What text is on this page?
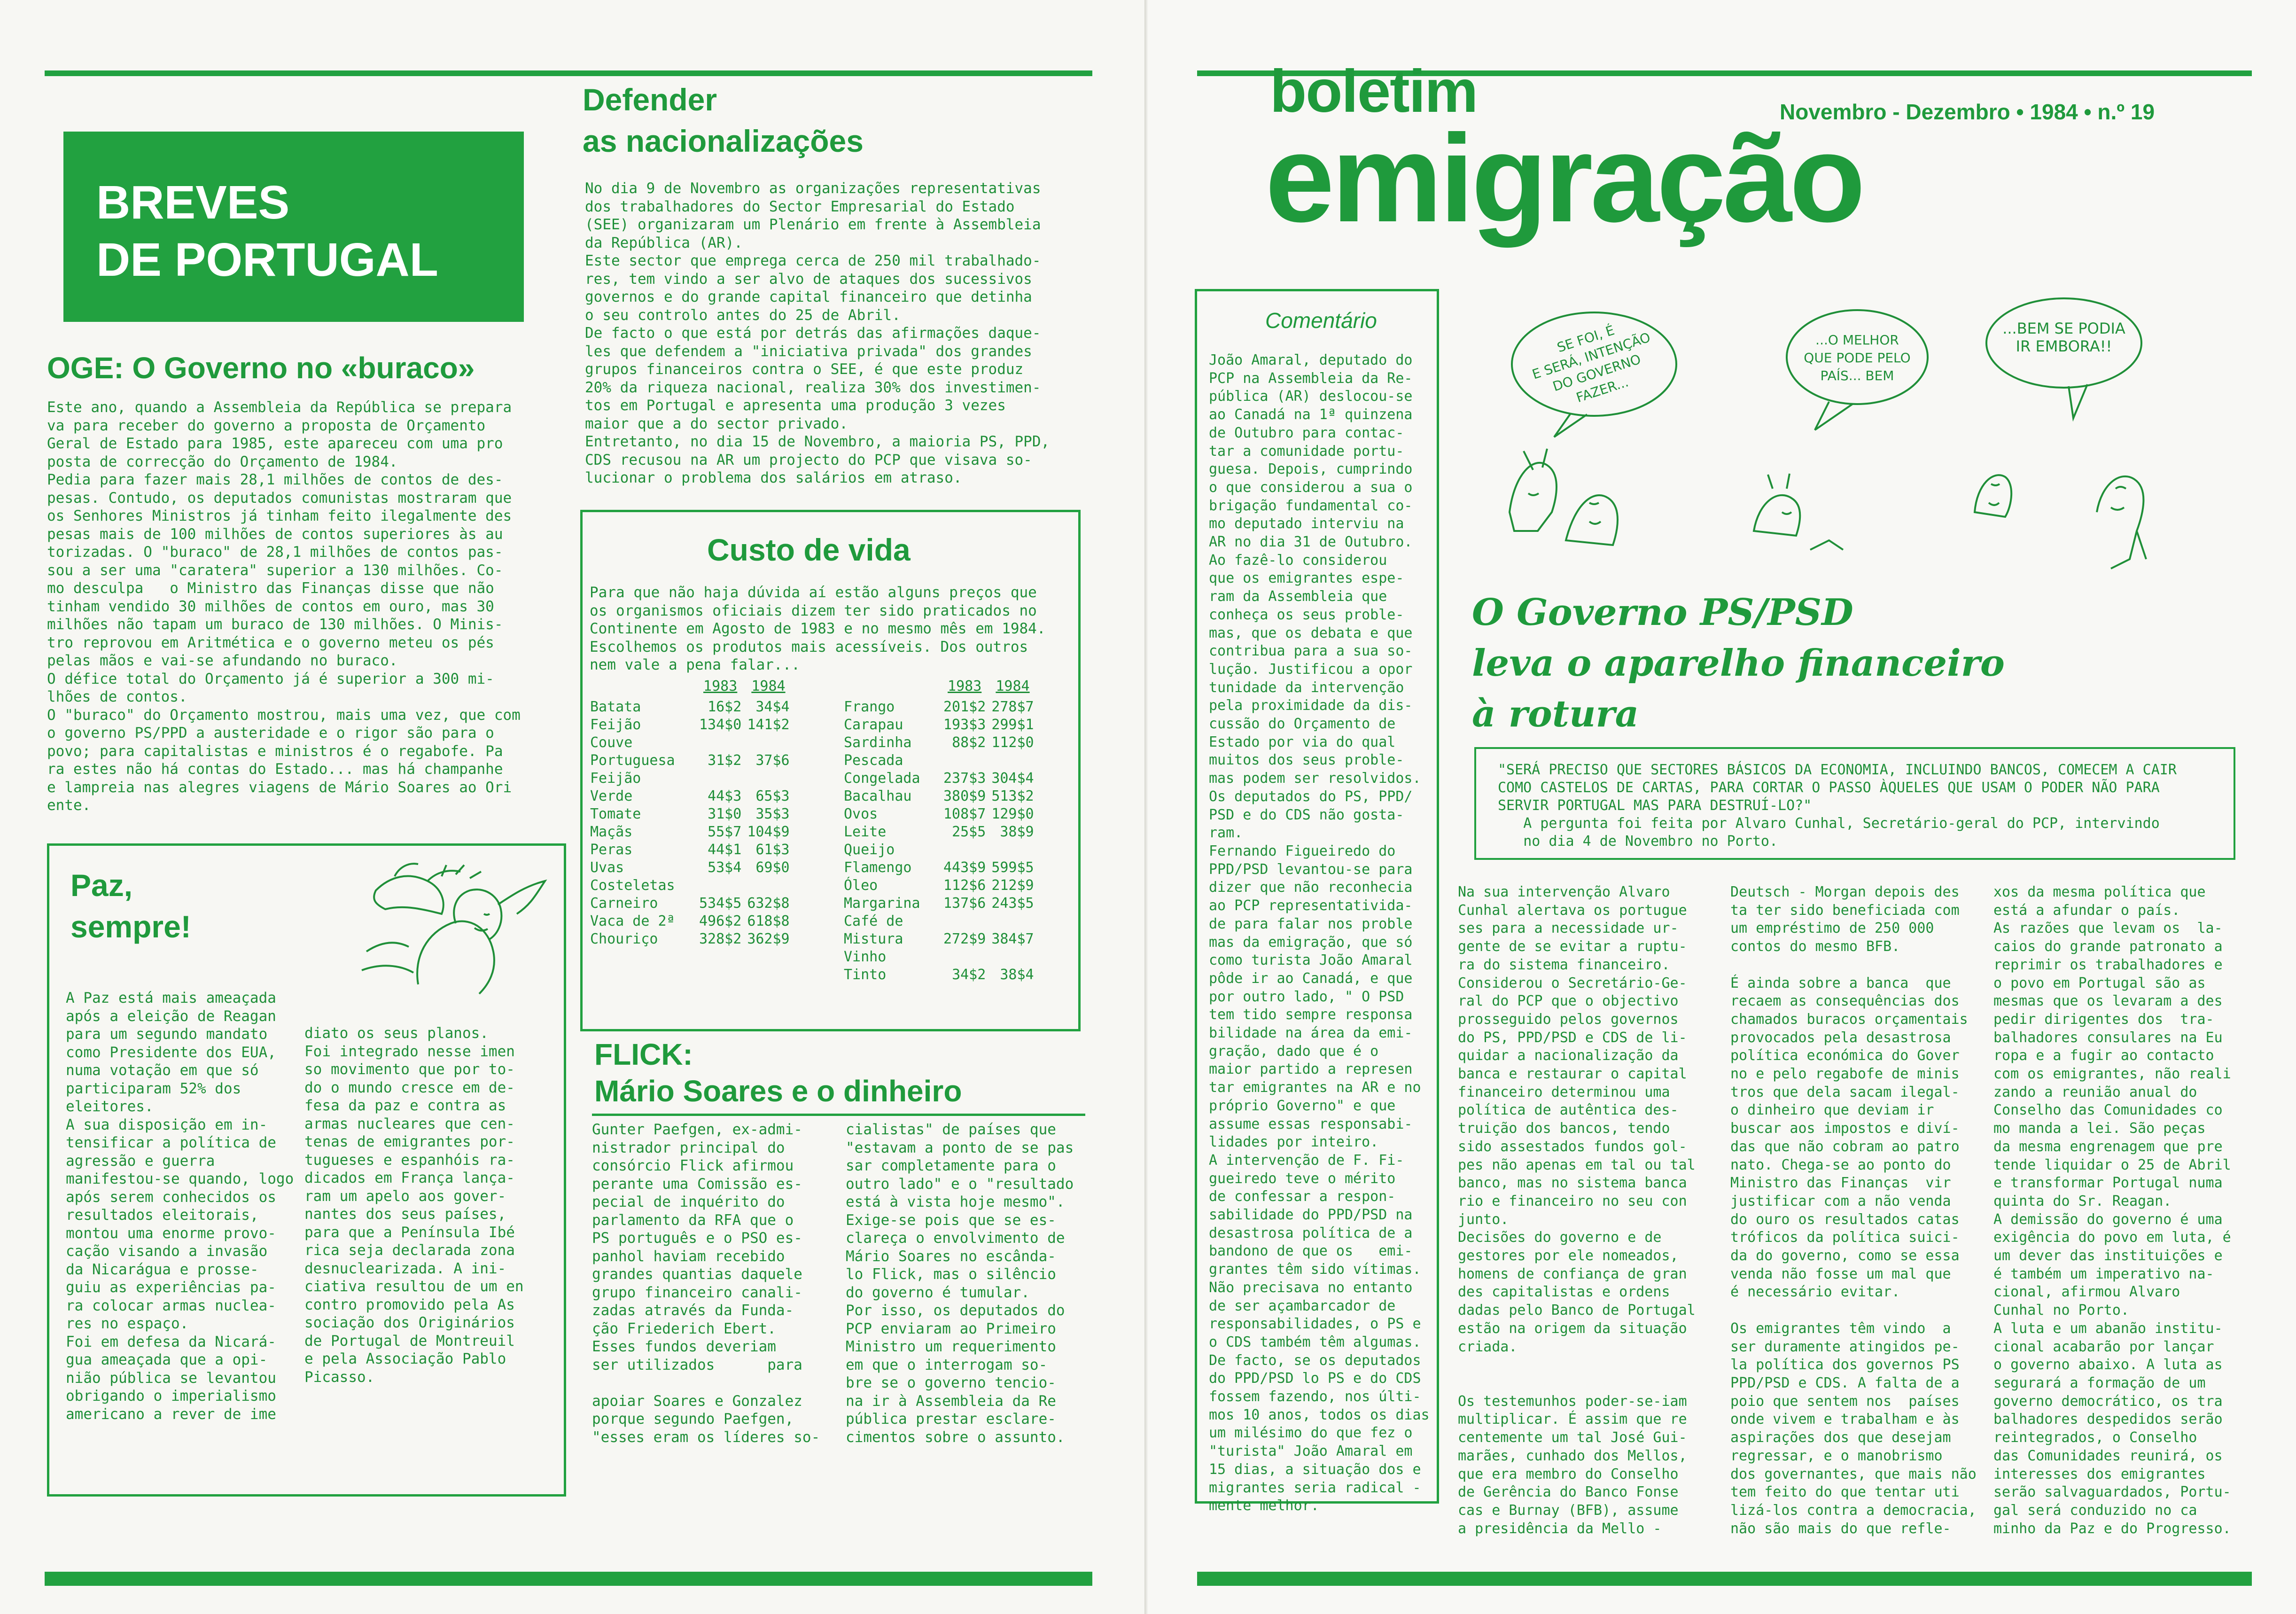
BREVES
DE PORTUGAL
OGE: O Governo no «buraco»
Este ano, quando a Assembleia da República se prepara
va para receber do governo a proposta de Orçamento
Geral de Estado para 1985, este apareceu com uma pro
posta de correcção do Orçamento de 1984.
Pedia para fazer mais 28,1 milhões de contos de des-
pesas. Contudo, os deputados comunistas mostraram que
os Senhores Ministros já tinham feito ilegalmente des
pesas mais de 100 milhões de contos superiores às au
torizadas. O "buraco" de 28,1 milhões de contos pas-
sou a ser uma "caratera" superior a 130 milhões. Co-
mo desculpa   o Ministro das Finanças disse que não
tinham vendido 30 milhões de contos em ouro, mas 30
milhões não tapam um buraco de 130 milhões. O Minis-
tro reprovou em Aritmética e o governo meteu os pés
pelas mãos e vai-se afundando no buraco.
O défice total do Orçamento já é superior a 300 mi-
lhões de contos.
O "buraco" do Orçamento mostrou, mais uma vez, que com
o governo PS/PPD a austeridade e o rigor são para o
povo; para capitalistas e ministros é o regabofe. Pa
ra estes não há contas do Estado... mas há champanhe
e lampreia nas alegres viagens de Mário Soares ao Ori
ente.
Paz,
sempre!
A Paz está mais ameaçada
após a eleição de Reagan
para um segundo mandato
como Presidente dos EUA,
numa votação em que só
participaram 52% dos
eleitores.
A sua disposição em in-
tensificar a política de
agressão e guerra
manifestou-se quando, logo
após serem conhecidos os
resultados eleitorais,
montou uma enorme provo-
cação visando a invasão
da Nicarágua e prosse-
guiu as experiências pa-
ra colocar armas nuclea-
res no espaço.
Foi em defesa da Nicará-
gua ameaçada que a opi-
nião pública se levantou
obrigando o imperialismo
americano a rever de ime
diato os seus planos.
Foi integrado nesse imen
so movimento que por to-
do o mundo cresce em de-
fesa da paz e contra as
armas nucleares que cen-
tenas de emigrantes por-
tugueses e espanhóis ra-
dicados em França lança-
ram um apelo aos gover-
nantes dos seus países,
para que a Península Ibé
rica seja declarada zona
desnuclearizada. A ini-
ciativa resultou de um en
contro promovido pela As
sociação dos Originários
de Portugal de Montreuil
e pela Associação Pablo
Picasso.
Defender
as nacionalizações
No dia 9 de Novembro as organizações representativas
dos trabalhadores do Sector Empresarial do Estado
(SEE) organizaram um Plenário em frente à Assembleia
da República (AR).
Este sector que emprega cerca de 250 mil trabalhado-
res, tem vindo a ser alvo de ataques dos sucessivos
governos e do grande capital financeiro que detinha
o seu controlo antes do 25 de Abril.
De facto o que está por detrás das afirmações daque-
les que defendem a "iniciativa privada" dos grandes
grupos financeiros contra o SEE, é que este produz
20% da riqueza nacional, realiza 30% dos investimen-
tos em Portugal e apresenta uma produção 3 vezes
maior que a do sector privado.
Entretanto, no dia 15 de Novembro, a maioria PS, PPD,
CDS recusou na AR um projecto do PCP que visava so-
lucionar o problema dos salários em atraso.
Custo de vida
Para que não haja dúvida aí estão alguns preços que
os organismos oficiais dizem ter sido praticados no
Continente em Agosto de 1983 e no mesmo mês em 1984.
Escolhemos os produtos mais acessíveis. Dos outros
nem vale a pena falar...
	1983	1984
Batata	16$2	34$4
Feijão	134$0	141$2
Couve		
Portuguesa	31$2	37$6
Feijão		
Verde	44$3	65$3
Tomate	31$0	35$3
Maçãs	55$7	104$9
Peras	44$1	61$3
Uvas	53$4	69$0
Costeletas		
Carneiro	534$5	632$8

Vaca de 2ª	496$2	618$8
Chouriço	328$2	362$9
	1983	1984
Frango	201$2	278$7
Carapau	193$3	299$1
Sardinha	88$2	112$0
Pescada		
Congelada	237$3	304$4
Bacalhau	380$9	513$2
Ovos	108$7	129$0
Leite	25$5	38$9
Queijo		
Flamengo	443$9	599$5
Óleo	112$6	212$9
Margarina	137$6	243$5
Café de		
Mistura	272$9	384$7
Vinho		
Tinto	34$2	38$4
FLICK:
Mário Soares e o dinheiro
Gunter Paefgen, ex-admi-
nistrador principal do
consórcio Flick afirmou
perante uma Comissão es-
pecial de inquérito do
parlamento da RFA que o
PS português e o PSO es-
panhol haviam recebido
grandes quantias daquele
grupo financeiro canali-
zadas através da Funda-
ção Friederich Ebert.
Esses fundos deveriam
ser utilizados      para

apoiar Soares e Gonzalez
porque segundo Paefgen,
"esses eram os líderes so-
cialistas" de países que
"estavam a ponto de se pas
sar completamente para o
outro lado" e o "resultado
está à vista hoje mesmo".
Exige-se pois que se es-
clareça o envolvimento de
Mário Soares no escânda-
lo Flick, mas o silêncio
do governo é tumular.
Por isso, os deputados do
PCP enviaram ao Primeiro
Ministro um requerimento
em que o interrogam so-
bre se o governo tencio-
na ir à Assembleia da Re
pública prestar esclare-
cimentos sobre o assunto.
boletim
emigração
Novembro - Dezembro • 1984 • n.º 19
Comentário
João Amaral, deputado do
PCP na Assembleia da Re-
pública (AR) deslocou-se
ao Canadá na 1ª quinzena
de Outubro para contac-
tar a comunidade portu-
guesa. Depois, cumprindo
o que considerou a sua o
brigação fundamental co-
mo deputado interviu na
AR no dia 31 de Outubro.
Ao fazê-lo considerou
que os emigrantes espe-
ram da Assembleia que
conheça os seus proble-
mas, que os debata e que
contribua para a sua so-
lução. Justificou a opor
tunidade da intervenção
pela proximidade da dis-
cussão do Orçamento de
Estado por via do qual
muitos dos seus proble-
mas podem ser resolvidos.
Os deputados do PS, PPD/
PSD e do CDS não gosta-
ram.
Fernando Figueiredo do
PPD/PSD levantou-se para
dizer que não reconhecia
ao PCP representativida-
de para falar nos proble
mas da emigração, que só
como turista João Amaral
pôde ir ao Canadá, e que
por outro lado, " O PSD
tem tido sempre responsa
bilidade na área da emi-
gração, dado que é o
maior partido a represen
tar emigrantes na AR e no
próprio Governo" e que
assume essas responsabi-
lidades por inteiro.
A intervenção de F. Fi-
gueiredo teve o mérito
de confessar a respon-
sabilidade do PPD/PSD na
desastrosa política de a
bandono de que os   emi-
grantes têm sido vítimas.
Não precisava no entanto
de ser açambarcador de
responsabilidades, o PS e
o CDS também têm algumas.
De facto, se os deputados
do PPD/PSD lo PS e do CDS
fossem fazendo, nos últi-
mos 10 anos, todos os dias
um milésimo do que fez o
"turista" João Amaral em
15 dias, a situação dos e
migrantes seria radical -
mente melhor.
SE FOI, É
E SERÁ, INTENÇÃO
DO GOVERNO
FAZER...
...O MELHOR
QUE PODE PELO
PAÍS... BEM
...BEM SE PODIA
IR EMBORA!!
O Governo PS/PSD
leva o aparelho financeiro
à rotura
"SERÁ PRECISO QUE SECTORES BÁSICOS DA ECONOMIA, INCLUINDO BANCOS, COMECEM A CAIR
COMO CASTELOS DE CARTAS, PARA CORTAR O PASSO ÀQUELES QUE USAM O PODER NÃO PARA
SERVIR PORTUGAL MAS PARA DESTRUÍ-LO?"
A pergunta foi feita por Alvaro Cunhal, Secretário-geral do PCP, intervindo
no dia 4 de Novembro no Porto.
Na sua intervenção Alvaro
Cunhal alertava os portugue
ses para a necessidade ur-
gente de se evitar a ruptu-
ra do sistema financeiro.
Considerou o Secretário-Ge-
ral do PCP que o objectivo
prosseguido pelos governos
do PS, PPD/PSD e CDS de li-
quidar a nacionalização da
banca e restaurar o capital
financeiro determinou uma
política de autêntica des-
truição dos bancos, tendo
sido assestados fundos gol-
pes não apenas em tal ou tal
banco, mas no sistema banca
rio e financeiro no seu con
junto.
Decisões do governo e de
gestores por ele nomeados,
homens de confiança de gran
des capitalistas e ordens
dadas pelo Banco de Portugal
estão na origem da situação
criada.

Os testemunhos poder-se-iam
multiplicar. É assim que re
centemente um tal José Gui-
marães, cunhado dos Mellos,
que era membro do Conselho
de Gerência do Banco Fonse
cas e Burnay (BFB), assume
a presidência da Mello -
Deutsch - Morgan depois des
ta ter sido beneficiada com
um empréstimo de 250 000
contos do mesmo BFB.

É ainda sobre a banca  que
recaem as consequências dos
chamados buracos orçamentais
provocados pela desastrosa
política económica do Gover
no e pelo regabofe de minis
tros que dela sacam ilegal-
o dinheiro que deviam ir
buscar aos impostos e diví-
das que não cobram ao patro
nato. Chega-se ao ponto do
Ministro das Finanças  vir
justificar com a não venda
do ouro os resultados catas
tróficos da política suici-
da do governo, como se essa
venda não fosse um mal que
é necessário evitar.

Os emigrantes têm vindo  a
ser duramente atingidos pe-
la política dos governos PS
PPD/PSD e CDS. A falta de a
poio que sentem nos  países
onde vivem e trabalham e às
aspirações dos que desejam
regressar, e o manobrismo
dos governantes, que mais não
tem feito do que tentar uti
lizá-los contra a democracia,
não são mais do que refle-
xos da mesma política que
está a afundar o país.
As razões que levam os  la-
caios do grande patronato a
reprimir os trabalhadores e
o povo em Portugal são as
mesmas que os levaram a des
pedir dirigentes dos  tra-
balhadores consulares na Eu
ropa e a fugir ao contacto
com os emigrantes, não reali
zando a reunião anual do
Conselho das Comunidades co
mo manda a lei. São peças
da mesma engrenagem que pre
tende liquidar o 25 de Abril
e transformar Portugal numa
quinta do Sr. Reagan.
A demissão do governo é uma
exigência do povo em luta, é
um dever das instituições e
é também um imperativo na-
cional, afirmou Alvaro
Cunhal no Porto.
A luta e um abanão institu-
cional acabarão por lançar
o governo abaixo. A luta as
segurará a formação de um
governo democrático, os tra
balhadores despedidos serão
reintegrados, o Conselho
das Comunidades reunirá, os
interesses dos emigrantes
serão salvaguardados, Portu-
gal será conduzido no ca
minho da Paz e do Progresso.
